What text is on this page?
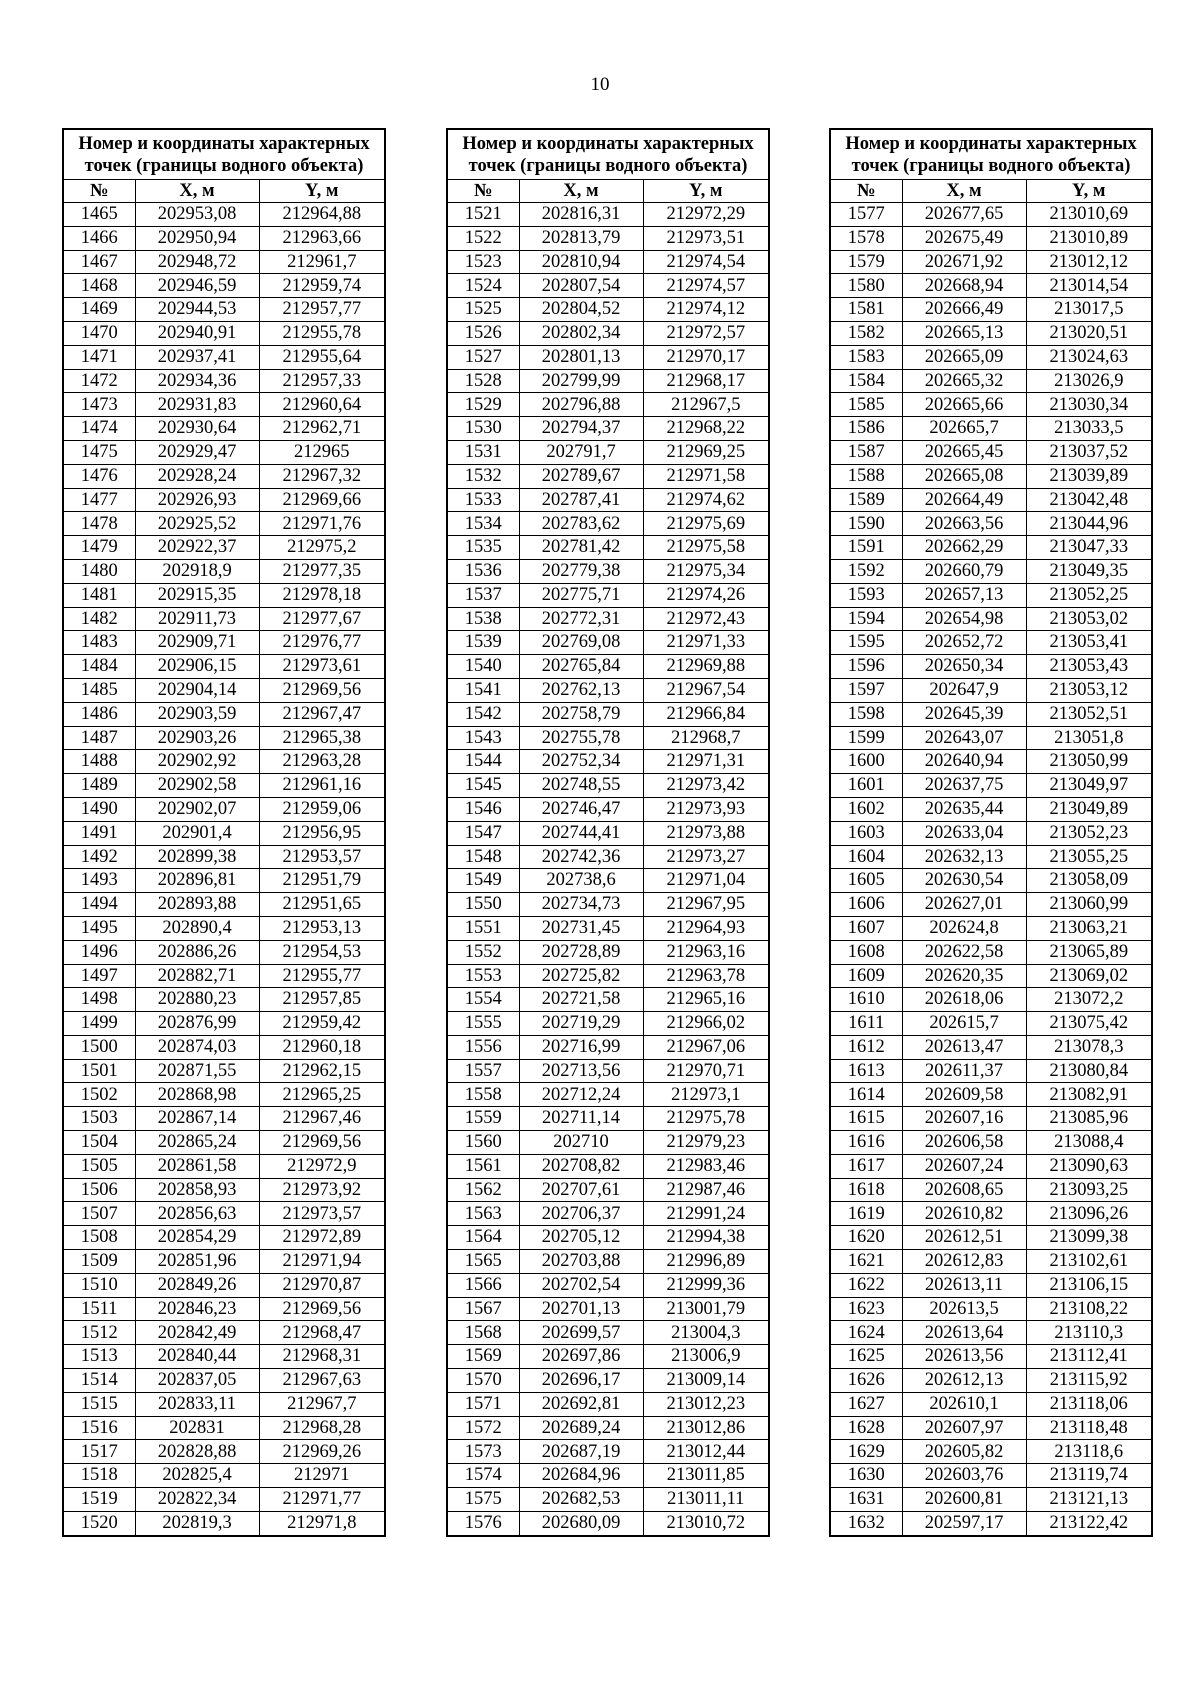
10
Номер и координаты характерных точек (границы водного объекта)		
№	X, м	Y, м
1465	202953,08	212964,88
1466	202950,94	212963,66
1467	202948,72	212961,7
1468	202946,59	212959,74
1469	202944,53	212957,77
1470	202940,91	212955,78
1471	202937,41	212955,64
1472	202934,36	212957,33
1473	202931,83	212960,64
1474	202930,64	212962,71
1475	202929,47	212965
1476	202928,24	212967,32
1477	202926,93	212969,66
1478	202925,52	212971,76
1479	202922,37	212975,2
1480	202918,9	212977,35
1481	202915,35	212978,18
1482	202911,73	212977,67
1483	202909,71	212976,77
1484	202906,15	212973,61
1485	202904,14	212969,56
1486	202903,59	212967,47
1487	202903,26	212965,38
1488	202902,92	212963,28
1489	202902,58	212961,16
1490	202902,07	212959,06
1491	202901,4	212956,95
1492	202899,38	212953,57
1493	202896,81	212951,79
1494	202893,88	212951,65
1495	202890,4	212953,13
1496	202886,26	212954,53
1497	202882,71	212955,77
1498	202880,23	212957,85
1499	202876,99	212959,42
1500	202874,03	212960,18
1501	202871,55	212962,15
1502	202868,98	212965,25
1503	202867,14	212967,46
1504	202865,24	212969,56
1505	202861,58	212972,9
1506	202858,93	212973,92
1507	202856,63	212973,57
1508	202854,29	212972,89
1509	202851,96	212971,94
1510	202849,26	212970,87
1511	202846,23	212969,56
1512	202842,49	212968,47
1513	202840,44	212968,31
1514	202837,05	212967,63
1515	202833,11	212967,7
1516	202831	212968,28
1517	202828,88	212969,26
1518	202825,4	212971
1519	202822,34	212971,77
1520	202819,3	212971,8
Номер и координаты характерных точек (границы водного объекта)		
№	X, м	Y, м
1521	202816,31	212972,29
1522	202813,79	212973,51
1523	202810,94	212974,54
1524	202807,54	212974,57
1525	202804,52	212974,12
1526	202802,34	212972,57
1527	202801,13	212970,17
1528	202799,99	212968,17
1529	202796,88	212967,5
1530	202794,37	212968,22
1531	202791,7	212969,25
1532	202789,67	212971,58
1533	202787,41	212974,62
1534	202783,62	212975,69
1535	202781,42	212975,58
1536	202779,38	212975,34
1537	202775,71	212974,26
1538	202772,31	212972,43
1539	202769,08	212971,33
1540	202765,84	212969,88
1541	202762,13	212967,54
1542	202758,79	212966,84
1543	202755,78	212968,7
1544	202752,34	212971,31
1545	202748,55	212973,42
1546	202746,47	212973,93
1547	202744,41	212973,88
1548	202742,36	212973,27
1549	202738,6	212971,04
1550	202734,73	212967,95
1551	202731,45	212964,93
1552	202728,89	212963,16
1553	202725,82	212963,78
1554	202721,58	212965,16
1555	202719,29	212966,02
1556	202716,99	212967,06
1557	202713,56	212970,71
1558	202712,24	212973,1
1559	202711,14	212975,78
1560	202710	212979,23
1561	202708,82	212983,46
1562	202707,61	212987,46
1563	202706,37	212991,24
1564	202705,12	212994,38
1565	202703,88	212996,89
1566	202702,54	212999,36
1567	202701,13	213001,79
1568	202699,57	213004,3
1569	202697,86	213006,9
1570	202696,17	213009,14
1571	202692,81	213012,23
1572	202689,24	213012,86
1573	202687,19	213012,44
1574	202684,96	213011,85
1575	202682,53	213011,11
1576	202680,09	213010,72
Номер и координаты характерных точек (границы водного объекта)		
№	X, м	Y, м
1577	202677,65	213010,69
1578	202675,49	213010,89
1579	202671,92	213012,12
1580	202668,94	213014,54
1581	202666,49	213017,5
1582	202665,13	213020,51
1583	202665,09	213024,63
1584	202665,32	213026,9
1585	202665,66	213030,34
1586	202665,7	213033,5
1587	202665,45	213037,52
1588	202665,08	213039,89
1589	202664,49	213042,48
1590	202663,56	213044,96
1591	202662,29	213047,33
1592	202660,79	213049,35
1593	202657,13	213052,25
1594	202654,98	213053,02
1595	202652,72	213053,41
1596	202650,34	213053,43
1597	202647,9	213053,12
1598	202645,39	213052,51
1599	202643,07	213051,8
1600	202640,94	213050,99
1601	202637,75	213049,97
1602	202635,44	213049,89
1603	202633,04	213052,23
1604	202632,13	213055,25
1605	202630,54	213058,09
1606	202627,01	213060,99
1607	202624,8	213063,21
1608	202622,58	213065,89
1609	202620,35	213069,02
1610	202618,06	213072,2
1611	202615,7	213075,42
1612	202613,47	213078,3
1613	202611,37	213080,84
1614	202609,58	213082,91
1615	202607,16	213085,96
1616	202606,58	213088,4
1617	202607,24	213090,63
1618	202608,65	213093,25
1619	202610,82	213096,26
1620	202612,51	213099,38
1621	202612,83	213102,61
1622	202613,11	213106,15
1623	202613,5	213108,22
1624	202613,64	213110,3
1625	202613,56	213112,41
1626	202612,13	213115,92
1627	202610,1	213118,06
1628	202607,97	213118,48
1629	202605,82	213118,6
1630	202603,76	213119,74
1631	202600,81	213121,13
1632	202597,17	213122,42
